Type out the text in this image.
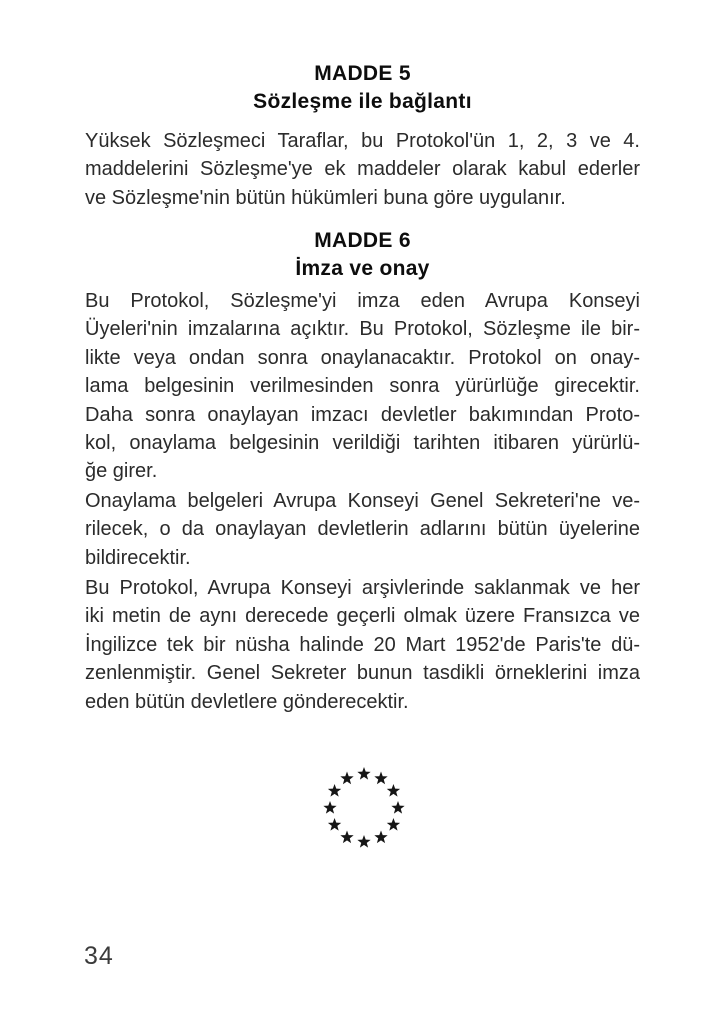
MADDE 5
Sözleşme ile bağlantı
Yüksek Sözleşmeci Taraflar, bu Protokol'ün 1, 2, 3 ve 4.
maddelerini Sözleşme'ye ek maddeler olarak kabul ederler
ve Sözleşme'nin bütün hükümleri buna göre uygulanır.
MADDE 6
İmza ve onay
Bu Protokol, Sözleşme'yi imza eden Avrupa Konseyi
Üyeleri'nin imzalarına açıktır. Bu Protokol, Sözleşme ile bir-
likte veya ondan sonra onaylanacaktır. Protokol on onay-
lama belgesinin verilmesinden sonra yürürlüğe girecektir.
Daha sonra onaylayan imzacı devletler bakımından Proto-
kol, onaylama belgesinin verildiği tarihten itibaren yürürlü-
ğe girer.
Onaylama belgeleri Avrupa Konseyi Genel Sekreteri'ne ve-
rilecek, o da onaylayan devletlerin adlarını bütün üyelerine
bildirecektir.
Bu Protokol, Avrupa Konseyi arşivlerinde saklanmak ve her
iki metin de aynı derecede geçerli olmak üzere Fransızca ve
İngilizce tek bir nüsha halinde 20 Mart 1952'de Paris'te dü-
zenlenmiştir. Genel Sekreter bunun tasdikli örneklerini imza
eden bütün devletlere gönderecektir.
34
